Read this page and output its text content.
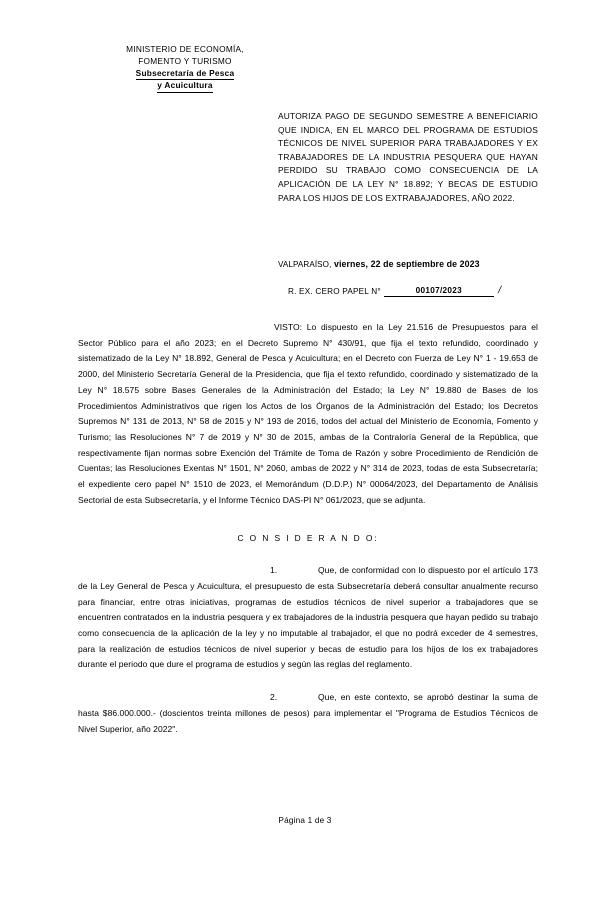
MINISTERIO DE ECONOMÍA,
FOMENTO Y TURISMO
Subsecretaría de Pesca
y Acuicultura
AUTORIZA PAGO DE SEGUNDO SEMESTRE A BENEFICIARIO QUE INDICA, EN EL MARCO DEL PROGRAMA DE ESTUDIOS TÉCNICOS DE NIVEL SUPERIOR PARA TRABAJADORES Y EX TRABAJADORES DE LA INDUSTRIA PESQUERA QUE HAYAN PERDIDO SU TRABAJO COMO CONSECUENCIA DE LA APLICACIÓN DE LA LEY N° 18.892; Y BECAS DE ESTUDIO PARA LOS HIJOS DE LOS EXTRABAJADORES, AÑO 2022.
VALPARAÍSO, viernes, 22 de septiembre de 2023
R. EX. CERO PAPEL N°	00107/2023	/

VISTO: Lo dispuesto en la Ley 21.516 de Presupuestos para el Sector Público para el año 2023; en el Decreto Supremo N° 430/91, que fija el texto refundido, coordinado y sistematizado de la Ley N° 18.892, General de Pesca y Acuicultura; en el Decreto con Fuerza de Ley N° 1 - 19.653 de 2000, del Ministerio Secretaría General de la Presidencia, que fija el texto refundido, coordinado y sistematizado de la Ley N° 18.575 sobre Bases Generales de la Administración del Estado; la Ley N° 19.880 de Bases de los Procedimientos Administrativos que rigen los Actos de los Órganos de la Administración del Estado; los Decretos Supremos N° 131 de 2013, N° 58 de 2015 y N° 193 de 2016, todos del actual del Ministerio de Economía, Fomento y Turismo; las Resoluciones N° 7 de 2019 y N° 30 de 2015, ambas de la Contraloría General de la República, que respectivamente fijan normas sobre Exención del Trámite de Toma de Razón y sobre Procedimiento de Rendición de Cuentas; las Resoluciones Exentas N° 1501, N° 2060, ambas de 2022 y N° 314 de 2023, todas de esta Subsecretaría; el expediente cero papel N° 1510 de 2023, el Memorándum (D.D.P.) N° 00064/2023, del Departamento de Análisis Sectorial de esta Subsecretaría, y el Informe Técnico DAS-PI N° 061/2023, que se adjunta.

C O N S I D E R A N D O:

1.	Que, de conformidad con lo dispuesto por el artículo 173 de la Ley General de Pesca y Acuicultura, el presupuesto de esta Subsecretaría deberá consultar anualmente recurso para financiar, entre otras iniciativas, programas de estudios técnicos de nivel superior a trabajadores que se encuentren contratados en la industria pesquera y ex trabajadores de la industria pesquera que hayan pedido su trabajo como consecuencia de la aplicación de la ley y no imputable al trabajador, el que no podrá exceder de 4 semestres, para la realización de estudios técnicos de nivel superior y becas de estudio para los hijos de los ex trabajadores durante el periodo que dure el programa de estudios y según las reglas del reglamento.

2.	Que, en este contexto, se aprobó destinar la suma de hasta $86.000.000.- (doscientos treinta millones de pesos) para implementar el "Programa de Estudios Técnicos de Nivel Superior, año 2022".

Página 1 de 3
